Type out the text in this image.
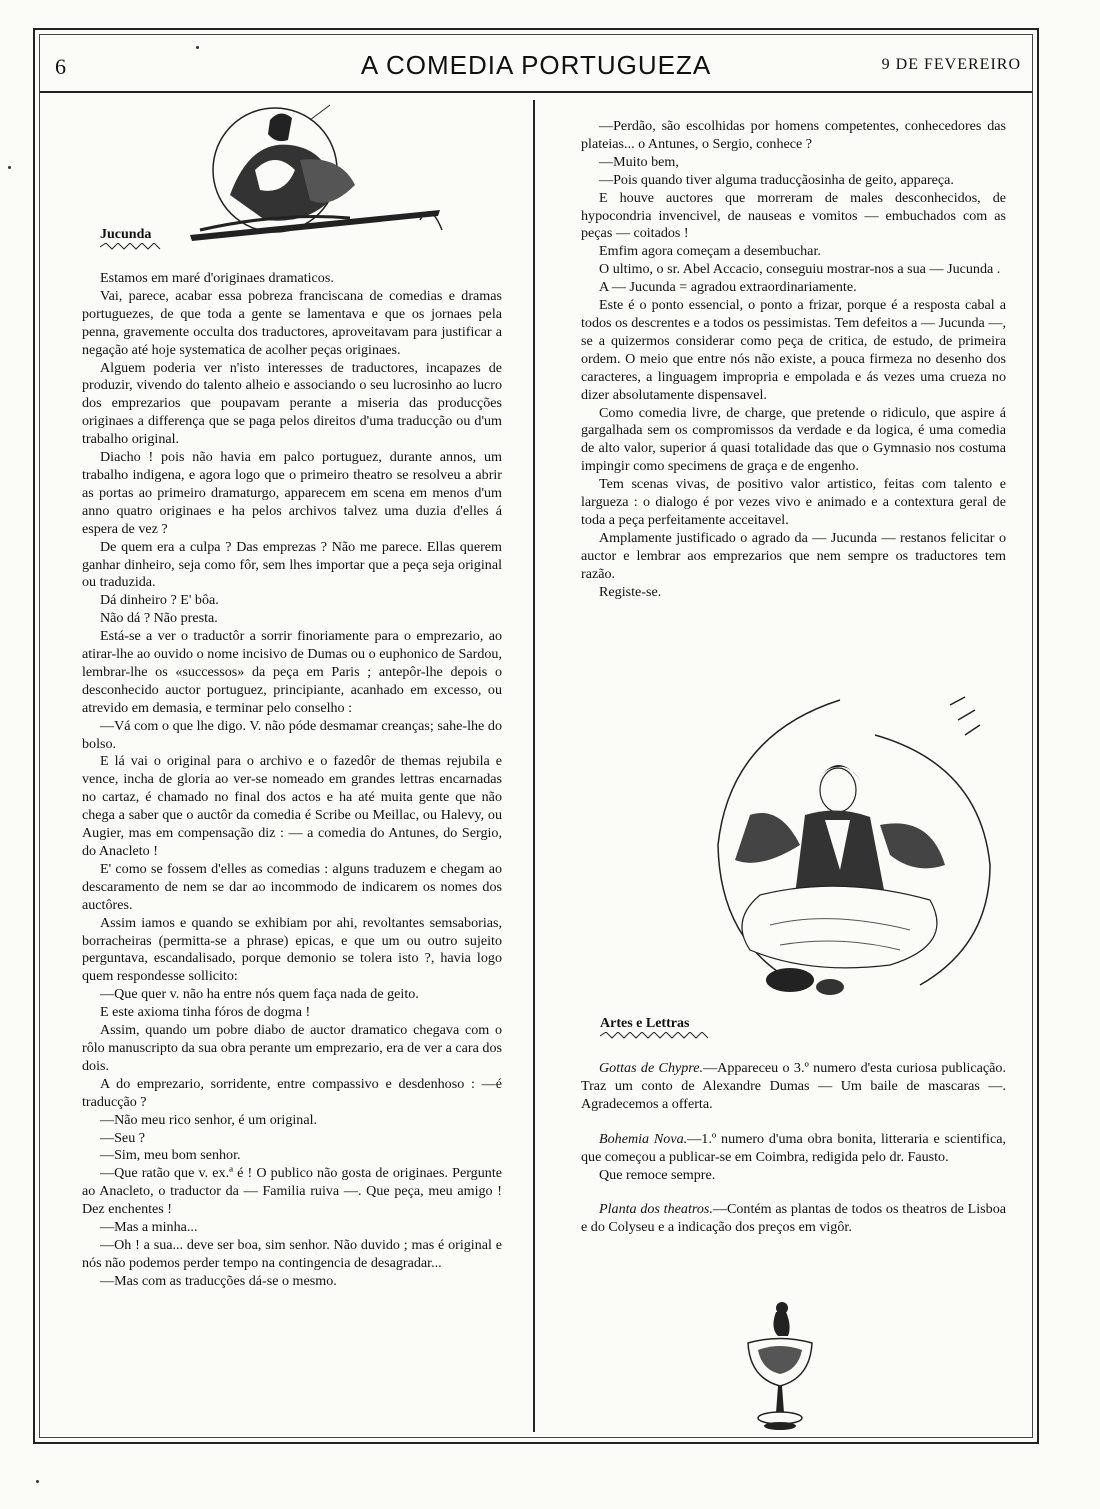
6	A COMEDIA PORTUGUEZA	9 DE FEVEREIRO
Jucunda

Estamos em maré d'originaes dramaticos.

Vai, parece, acabar essa pobreza franciscana de comedias e dramas portuguezes, de que toda a gente se lamentava e que os jornaes pela penna, gravemente occulta dos traductores, aproveitavam para justificar a negação até hoje systematica de acolher peças originaes.

Alguem poderia ver n'isto interesses de traductores, incapazes de produzir, vivendo do talento alheio e associando o seu lucrosinho ao lucro dos emprezarios que poupavam perante a miseria das producções originaes a differença que se paga pelos direitos d'uma traducção ou d'um trabalho original.

Diacho ! pois não havia em palco portuguez, durante annos, um trabalho indigena, e agora logo que o primeiro theatro se resolveu a abrir as portas ao primeiro dramaturgo, apparecem em scena em menos d'um anno quatro originaes e ha pelos archivos talvez uma duzia d'elles á espera de vez ?

De quem era a culpa ? Das emprezas ? Não me parece. Ellas querem ganhar dinheiro, seja como fôr, sem lhes importar que a peça seja original ou traduzida.

Dá dinheiro ? E' bôa.

Não dá ? Não presta.

Está-se a ver o traductôr a sorrir finoriamente para o emprezario, ao atirar-lhe ao ouvido o nome incisivo de Dumas ou o euphonico de Sardou, lembrar-lhe os «successos» da peça em Paris ; antepôr-lhe depois o desconhecido auctor portuguez, principiante, acanhado em excesso, ou atrevido em demasia, e terminar pelo conselho :

—Vá com o que lhe digo. V. não póde desmamar creanças; sahe-lhe do bolso.

E lá vai o original para o archivo e o fazedôr de themas rejubila e vence, incha de gloria ao ver-se nomeado em grandes lettras encarnadas no cartaz, é chamado no final dos actos e ha até muita gente que não chega a saber que o auctôr da comedia é Scribe ou Meillac, ou Halevy, ou Augier, mas em compensação diz : — a comedia do Antunes, do Sergio, do Anacleto !

E' como se fossem d'elles as comedias : alguns traduzem e chegam ao descaramento de nem se dar ao incommodo de indicarem os nomes dos auctôres.

Assim iamos e quando se exhibiam por ahi, revoltantes semsaborias, borracheiras (permitta-se a phrase) epicas, e que um ou outro sujeito perguntava, escandalisado, porque demonio se tolera isto ?, havia logo quem respondesse sollicito:

—Que quer v. não ha entre nós quem faça nada de geito.

E este axioma tinha fóros de dogma !

Assim, quando um pobre diabo de auctor dramatico chegava com o rôlo manuscripto da sua obra perante um emprezario, era de ver a cara dos dois.

A do emprezario, sorridente, entre compassivo e desdenhoso : —é traducção ?

—Não meu rico senhor, é um original.

—Seu ?

—Sim, meu bom senhor.

—Que ratão que v. ex.ª é ! O publico não gosta de originaes. Pergunte ao Anacleto, o traductor da — Familia ruiva —. Que peça, meu amigo ! Dez enchentes !

—Mas a minha...

—Oh ! a sua... deve ser boa, sim senhor. Não duvido ; mas é original e nós não podemos perder tempo na contingencia de desagradar...

—Mas com as traducções dá-se o mesmo.

—Perdão, são escolhidas por homens competentes, conhecedores das plateias... o Antunes, o Sergio, conhece ?

—Muito bem,

—Pois quando tiver alguma traducçãosinha de geito, appareça.

E houve auctores que morreram de males desconhecidos, de hypocondria invencivel, de nauseas e vomitos — embuchados com as peças — coitados !

Emfim agora começam a desembuchar.

O ultimo, o sr. Abel Accacio, conseguiu mostrar-nos a sua — Jucunda .

A — Jucunda = agradou extraordinariamente.

Este é o ponto essencial, o ponto a frizar, porque é a resposta cabal a todos os descrentes e a todos os pessimistas. Tem defeitos a — Jucunda —, se a quizermos considerar como peça de critica, de estudo, de primeira ordem. O meio que entre nós não existe, a pouca firmeza no desenho dos caracteres, a linguagem impropria e empolada e ás vezes uma crueza no dizer absolutamente dispensavel.

Como comedia livre, de charge, que pretende o ridiculo, que aspire á gargalhada sem os compromissos da verdade e da logica, é uma comedia de alto valor, superior á quasi totalidade das que o Gymnasio nos costuma impingir como specimens de graça e de engenho.

Tem scenas vivas, de positivo valor artistico, feitas com talento e largueza : o dialogo é por vezes vivo e animado e a contextura geral de toda a peça perfeitamente acceitavel.

Amplamente justificado o agrado da — Jucunda — restanos felicitar o auctor e lembrar aos emprezarios que nem sempre os traductores tem razão.

Registe-se.

Artes e Lettras

Gottas de Chypre.—Appareceu o 3.º numero d'esta curiosa publicação. Traz um conto de Alexandre Dumas — Um baile de mascaras —. Agradecemos a offerta.

Bohemia Nova.—1.º numero d'uma obra bonita, litteraria e scientifica, que começou a publicar-se em Coimbra, redigida pelo dr. Fausto.

Que remoce sempre.

Planta dos theatros.—Contém as plantas de todos os theatros de Lisboa e do Colyseu e a indicação dos preços em vigôr.
